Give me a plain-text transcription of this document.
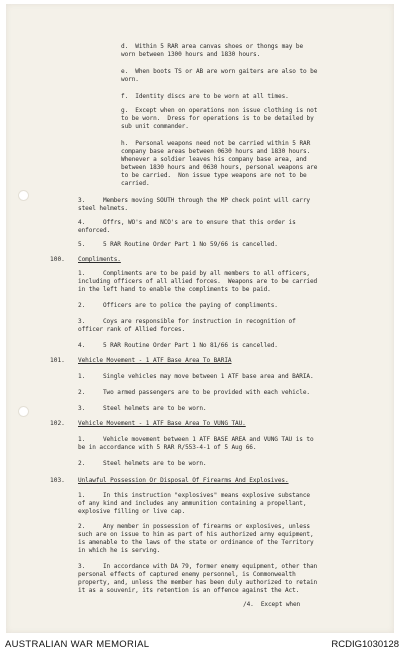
d.  Within 5 RAR area canvas shoes or thongs may be
worn between 1300 hours and 1830 hours.
e.  When boots TS or AB are worn gaiters are also to be
worn.
f.  Identity discs are to be worn at all times.
g.  Except when on operations non issue clothing is not
to be worn.  Dress for operations is to be detailed by
sub unit commander.
h.  Personal weapons need not be carried within 5 RAR
company base areas between 0630 hours and 1830 hours.
Whenever a soldier leaves his company base area, and
between 1830 hours and 0630 hours, personal weapons are
to be carried.  Non issue type weapons are not to be
carried.
3.     Members moving SOUTH through the MP check point will carry
steel helmets.
4.     Offrs, WO's and NCO's are to ensure that this order is
enforced.
5.     5 RAR Routine Order Part 1 No 59/66 is cancelled.
100. Compliments.
1.     Compliments are to be paid by all members to all officers,
including officers of all allied forces.  Weapons are to be carried
in the left hand to enable the compliments to be paid.
2.     Officers are to police the paying of compliments.
3.     Coys are responsible for instruction in recognition of
officer rank of Allied forces.
4.     5 RAR Routine Order Part 1 No 81/66 is cancelled.
101. Vehicle Movement - 1 ATF Base Area To BARIA
1.     Single vehicles may move between 1 ATF base area and BARIA.
2.     Two armed passengers are to be provided with each vehicle.
3.     Steel helmets are to be worn.
102. Vehicle Movement - 1 ATF Base Area To VUNG TAU.
1.     Vehicle movement between 1 ATF BASE AREA and VUNG TAU is to
be in accordance with 5 RAR R/553-4-1 of 5 Aug 66.
2.     Steel helmets are to be worn.
103. Unlawful Possession Or Disposal Of Firearms And Explosives.
1.     In this instruction "explosives" means explosive substance
of any kind and includes any ammunition containing a propellant,
explosive filling or live cap.
2.     Any member in possession of firearms or explosives, unless
such are on issue to him as part of his authorized army equipment,
is amenable to the laws of the state or ordinance of the Territory
in which he is serving.
3.     In accordance with DA 79, former enemy equipment, other than
personal effects of captured enemy personnel, is Commonwealth
property, and, unless the member has been duly authorized to retain
it as a souvenir, its retention is an offence against the Act.
/4.  Except when
AUSTRALIAN WAR MEMORIAL	RCDIG1030128
